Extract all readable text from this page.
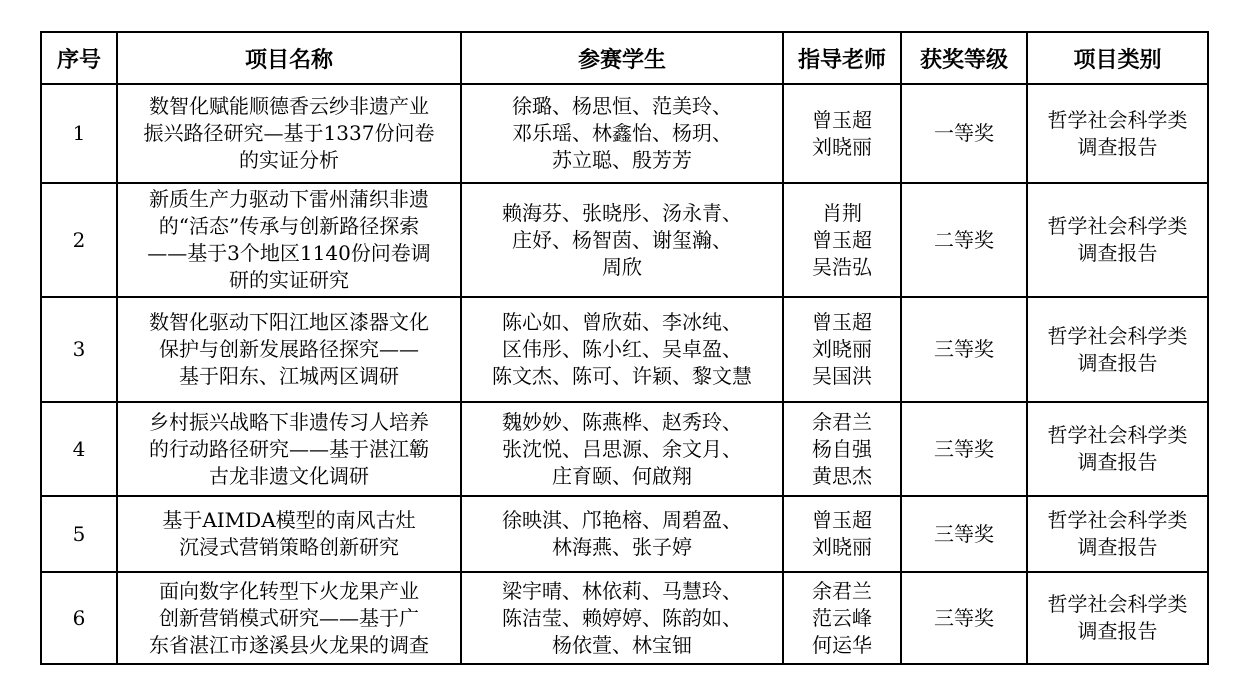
序号	项目名称	参赛学生	指导老师	获奖等级	项目类别
1	数智化赋能顺德香云纱非遗产业
振兴路径研究—基于1337份问卷
的实证分析	徐璐、杨思恒、范美玲、
邓乐瑶、林鑫怡、杨玥、
苏立聪、殷芳芳	曾玉超
刘晓丽	一等奖	哲学社会科学类
调查报告

2	新质生产力驱动下雷州蒲织非遗
的“活态”传承与创新路径探索
——基于3个地区1140份问卷调
研的实证研究	赖海芬、张晓彤、汤永青、
庄妤、杨智茵、谢玺瀚、
周欣	肖荆
曾玉超
吴浩弘	二等奖	哲学社会科学类
调查报告

3	数智化驱动下阳江地区漆器文化
保护与创新发展路径探究——
基于阳东、江城两区调研	陈心如、曾欣茹、李冰纯、
区伟彤、陈小红、吴卓盈、
陈文杰、陈可、许颖、黎文慧	曾玉超
刘晓丽
吴国洪	三等奖	哲学社会科学类
调查报告

4	乡村振兴战略下非遗传习人培养
的行动路径研究——基于湛江簕
古龙非遗文化调研	魏妙妙、陈燕桦、赵秀玲、
张沈悦、吕思源、余文月、
庄育颐、何啟翔	余君兰
杨自强
黄思杰	三等奖	哲学社会科学类
调查报告

5	基于AIMDA模型的南风古灶
沉浸式营销策略创新研究	徐映淇、邝艳榕、周碧盈、
林海燕、张子婷	曾玉超
刘晓丽	三等奖	哲学社会科学类
调查报告

6	面向数字化转型下火龙果产业
创新营销模式研究——基于广
东省湛江市遂溪县火龙果的调查	梁宇晴、林依莉、马慧玲、
陈洁莹、赖婷婷、陈韵如、
杨依萱、林宝钿	余君兰
范云峰
何运华	三等奖	哲学社会科学类
调查报告
